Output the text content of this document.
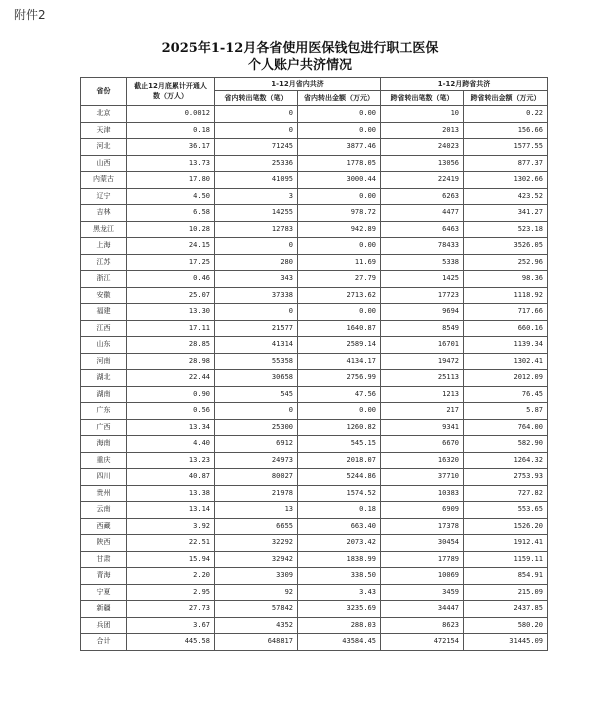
附件2
2025年1-12月各省使用医保钱包进行职工医保
个人账户共济情况
省份	截止12月底累计开通人数（万人）	1-12月省内共济		1-12月跨省共济	
		省内转出笔数（笔）	省内转出金额（万元）	跨省转出笔数（笔）	跨省转出金额（万元）
北京	0.0012	0	0.00	10	0.22
天津	0.18	0	0.00	2013	156.66
河北	36.17	71245	3877.46	24023	1577.55
山西	13.73	25336	1778.05	13056	877.37
内蒙古	17.80	41095	3000.44	22419	1302.66
辽宁	4.50	3	0.00	6263	423.52
吉林	6.58	14255	978.72	4477	341.27
黑龙江	10.28	12783	942.89	6463	523.18
上海	24.15	0	0.00	78433	3526.05
江苏	17.25	280	11.69	5338	252.96
浙江	0.46	343	27.79	1425	98.36
安徽	25.07	37338	2713.62	17723	1118.92
福建	13.30	0	0.00	9694	717.66
江西	17.11	21577	1640.87	8549	660.16
山东	28.85	41314	2589.14	16701	1139.34
河南	28.98	55358	4134.17	19472	1302.41
湖北	22.44	30658	2756.99	25113	2012.09
湖南	0.90	545	47.56	1213	76.45
广东	0.56	0	0.00	217	5.87
广西	13.34	25300	1260.82	9341	764.00
海南	4.40	6912	545.15	6670	582.90
重庆	13.23	24973	2018.07	16320	1264.32
四川	40.87	80027	5244.86	37710	2753.93
贵州	13.38	21978	1574.52	10383	727.82
云南	13.14	13	0.18	6909	553.65
西藏	3.92	6655	663.40	17378	1526.20
陕西	22.51	32292	2073.42	30454	1912.41
甘肃	15.94	32942	1838.99	17789	1159.11
青海	2.20	3309	338.50	10069	854.91
宁夏	2.95	92	3.43	3459	215.09
新疆	27.73	57842	3235.69	34447	2437.85
兵团	3.67	4352	288.03	8623	580.20
合计	445.58	648817	43584.45	472154	31445.09
